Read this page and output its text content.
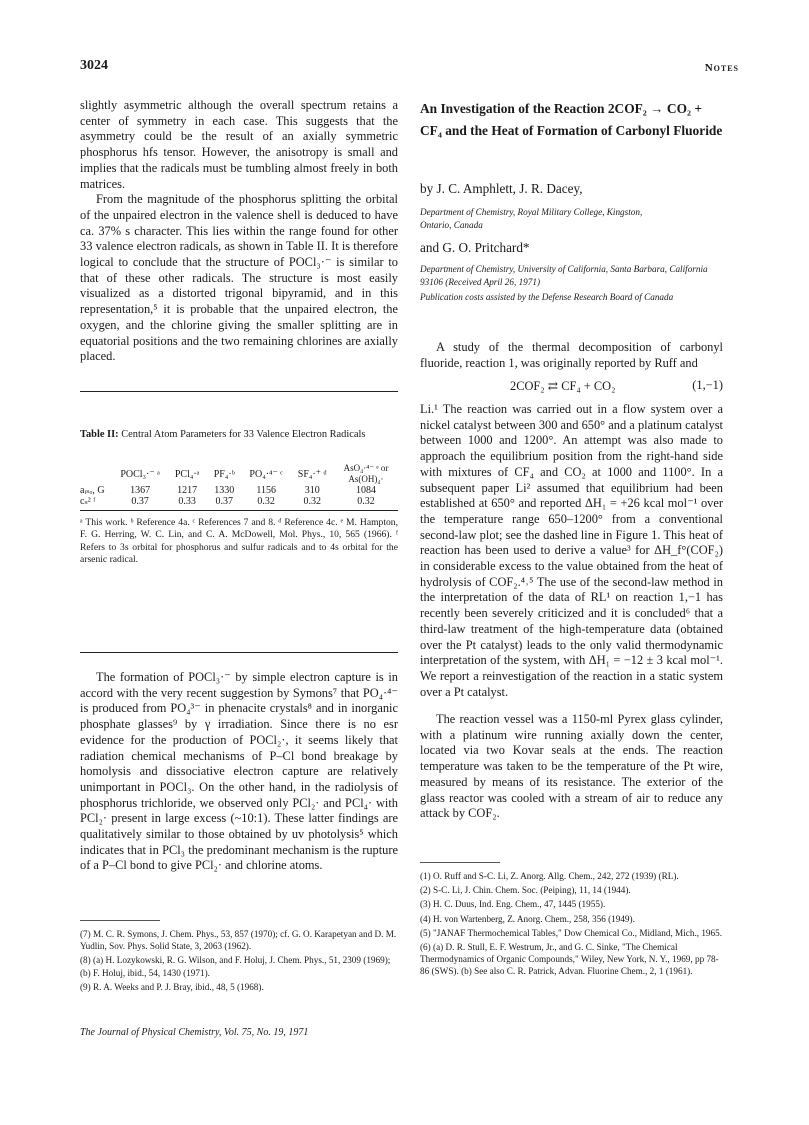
3024	Notes

slightly asymmetric although the overall spectrum retains a center of symmetry in each case. This suggests that the asymmetry could be the result of an axially symmetric phosphorus hfs tensor. However, the anisotropy is small and implies that the radicals must be tumbling almost freely in both matrices.

From the magnitude of the phosphorus splitting the orbital of the unpaired electron in the valence shell is deduced to have ca. 37% s character. This lies within the range found for other 33 valence electron radicals, as shown in Table II. It is therefore logical to conclude that the structure of POCl₃·⁻ is similar to that of these other radicals. The structure is most easily visualized as a distorted trigonal bipyramid, and in this representation,⁵ it is probable that the unpaired electron, the oxygen, and the chlorine giving the smaller splitting are in equatorial positions and the two remaining chlorines are axially placed.

Table II: Central Atom Parameters for 33 Valence Electron Radicals
	POCl₃·⁻ ᵃ	PCl₄·ᵃ	PF₄·ᵇ	PO₄·⁴⁻ ᶜ	SF₄·⁺ ᵈ	AsO₄·⁴⁻ ᵉ or As(OH)₄·
aᵢₛₒ, G	1367	1217	1330	1156	310	1084
cₛ² ᶠ	0.37	0.33	0.37	0.32	0.32	0.32
ᵃ This work. ᵇ Reference 4a. ᶜ References 7 and 8. ᵈ Reference 4c. ᵉ M. Hampton, F. G. Herring, W. C. Lin, and C. A. McDowell, Mol. Phys., 10, 565 (1966). ᶠ Refers to 3s orbital for phosphorus and sulfur radicals and to 4s orbital for the arsenic radical.
The formation of POCl₃·⁻ by simple electron capture is in accord with the very recent suggestion by Symons⁷ that PO₄·⁴⁻ is produced from PO₄³⁻ in phenacite crystals⁸ and in inorganic phosphate glasses⁹ by γ irradiation. Since there is no esr evidence for the production of POCl₂·, it seems likely that radiation chemical mechanisms of P–Cl bond breakage by homolysis and dissociative electron capture are relatively unimportant in POCl₃. On the other hand, in the radiolysis of phosphorus trichloride, we observed only PCl₂· and PCl₄· with PCl₂· present in large excess (~10:1). These latter findings are qualitatively similar to those obtained by uv photolysis⁵ which indicates that in PCl₃ the predominant mechanism is the rupture of a P–Cl bond to give PCl₂· and chlorine atoms.
(7) M. C. R. Symons, J. Chem. Phys., 53, 857 (1970); cf. G. O. Karapetyan and D. M. Yudlin, Sov. Phys. Solid State, 3, 2063 (1962).
(8) (a) H. Lozykowski, R. G. Wilson, and F. Holuj, J. Chem. Phys., 51, 2309 (1969); (b) F. Holuj, ibid., 54, 1430 (1971).
(9) R. A. Weeks and P. J. Bray, ibid., 48, 5 (1968).
The Journal of Physical Chemistry, Vol. 75, No. 19, 1971
An Investigation of the Reaction 2COF₂ → CO₂ + CF₄ and the Heat of Formation of Carbonyl Fluoride
by J. C. Amphlett, J. R. Dacey,
Department of Chemistry, Royal Military College, Kingston, Ontario, Canada
and G. O. Pritchard*
Department of Chemistry, University of California, Santa Barbara, California 93106 (Received April 26, 1971)
Publication costs assisted by the Defense Research Board of Canada
A study of the thermal decomposition of carbonyl fluoride, reaction 1, was originally reported by Ruff and
2COF₂ ⇄ CF₄ + CO₂	(1,−1)
Li.¹ The reaction was carried out in a flow system over a nickel catalyst between 300 and 650° and a platinum catalyst between 1000 and 1200°. An attempt was also made to approach the equilibrium position from the right-hand side with mixtures of CF₄ and CO₂ at 1000 and 1100°. In a subsequent paper Li² assumed that equilibrium had been established at 650° and reported ΔH₁ = +26 kcal mol⁻¹ over the temperature range 650–1200° from a conventional second-law plot; see the dashed line in Figure 1. This heat of reaction has been used to derive a value³ for ΔH_f°(COF₂) in considerable excess to the value obtained from the heat of hydrolysis of COF₂.⁴˒⁵ The use of the second-law method in the interpretation of the data of RL¹ on reaction 1,−1 has recently been severely criticized and it is concluded⁶ that a third-law treatment of the high-temperature data (obtained over the Pt catalyst) leads to the only valid thermodynamic interpretation of the system, with ΔH₁ = −12 ± 3 kcal mol⁻¹. We report a reinvestigation of the reaction in a static system over a Pt catalyst.
The reaction vessel was a 1150-ml Pyrex glass cylinder, with a platinum wire running axially down the center, located via two Kovar seals at the ends. The reaction temperature was taken to be the temperature of the Pt wire, measured by means of its resistance. The exterior of the glass reactor was cooled with a stream of air to reduce any attack by COF₂.
(1) O. Ruff and S-C. Li, Z. Anorg. Allg. Chem., 242, 272 (1939) (RL).
(2) S-C. Li, J. Chin. Chem. Soc. (Peiping), 11, 14 (1944).
(3) H. C. Duus, Ind. Eng. Chem., 47, 1445 (1955).
(4) H. von Wartenberg, Z. Anorg. Chem., 258, 356 (1949).
(5) "JANAF Thermochemical Tables," Dow Chemical Co., Midland, Mich., 1965.
(6) (a) D. R. Stull, E. F. Westrum, Jr., and G. C. Sinke, "The Chemical Thermodynamics of Organic Compounds," Wiley, New York, N. Y., 1969, pp 78-86 (SWS). (b) See also C. R. Patrick, Advan. Fluorine Chem., 2, 1 (1961).
